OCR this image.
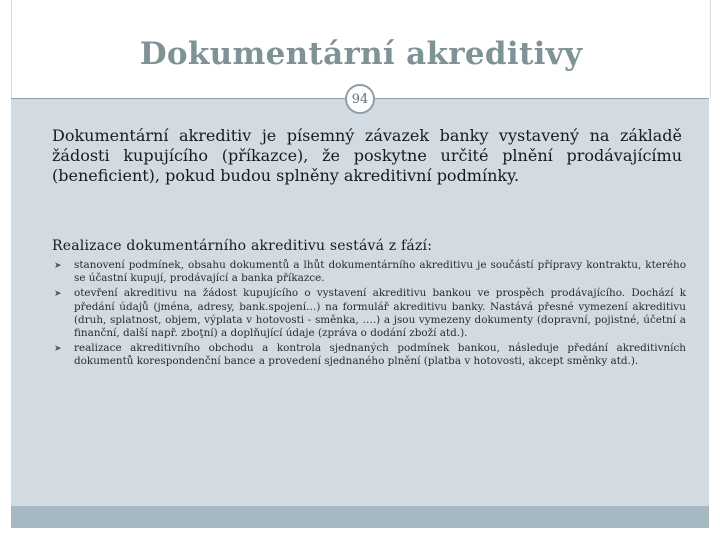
Dokumentární akreditivy
94
Dokumentární akreditiv je písemný závazek banky vystavený na základě žádosti kupujícího (příkazce), že poskytne určité plnění prodávajícímu (beneficient), pokud budou splněny akreditivní podmínky.
Realizace dokumentárního akreditivu sestává z fází:
➤ stanovení podmínek, obsahu dokumentů a lhůt dokumentárního akreditivu je součástí přípravy kontraktu, kterého se účastní kupují, prodávající a banka příkazce.
➤ otevření akreditivu na žádost kupujícího o vystavení akreditivu bankou ve prospěch prodávajícího. Dochází k předání údajů (jména, adresy, bank.spojení…) na formulář akreditivu banky. Nastává přesné vymezení akreditivu (druh, splatnost, objem, výplata v hotovosti - směnka, ….) a jsou vymezeny dokumenty (dopravní, pojistné, účetní a finanční, další např. zboţní) a doplňující údaje (zpráva o dodání zboží atd.).
➤ realizace akreditivního obchodu a kontrola sjednaných podmínek bankou, následuje předání akreditivních dokumentů korespondenční bance a provedení sjednaného plnění (platba v hotovosti, akcept směnky atd.).
